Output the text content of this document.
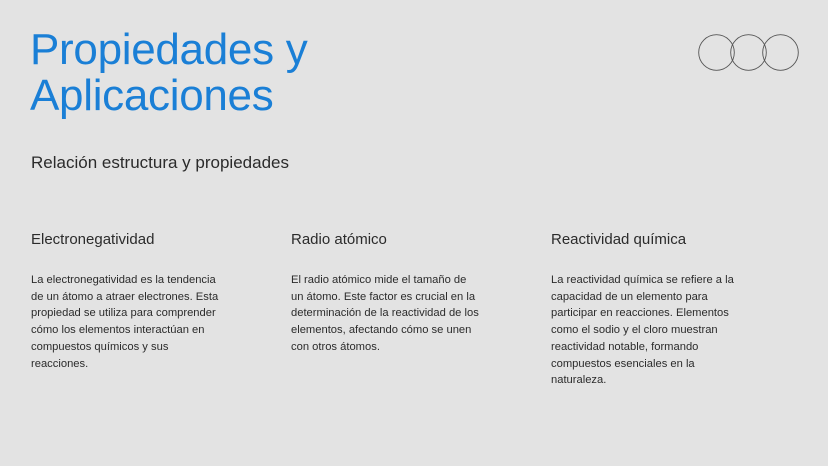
Propiedades y
Aplicaciones
Relación estructura y propiedades
Electronegatividad

La electronegatividad es la tendencia de un átomo a atraer electrones. Esta propiedad se utiliza para comprender cómo los elementos interactúan en compuestos químicos y sus reacciones.

Radio atómico

El radio atómico mide el tamaño de un átomo. Este factor es crucial en la determinación de la reactividad de los elementos, afectando cómo se unen con otros átomos.

Reactividad química

La reactividad química se refiere a la capacidad de un elemento para participar en reacciones. Elementos como el sodio y el cloro muestran reactividad notable, formando compuestos esenciales en la naturaleza.
